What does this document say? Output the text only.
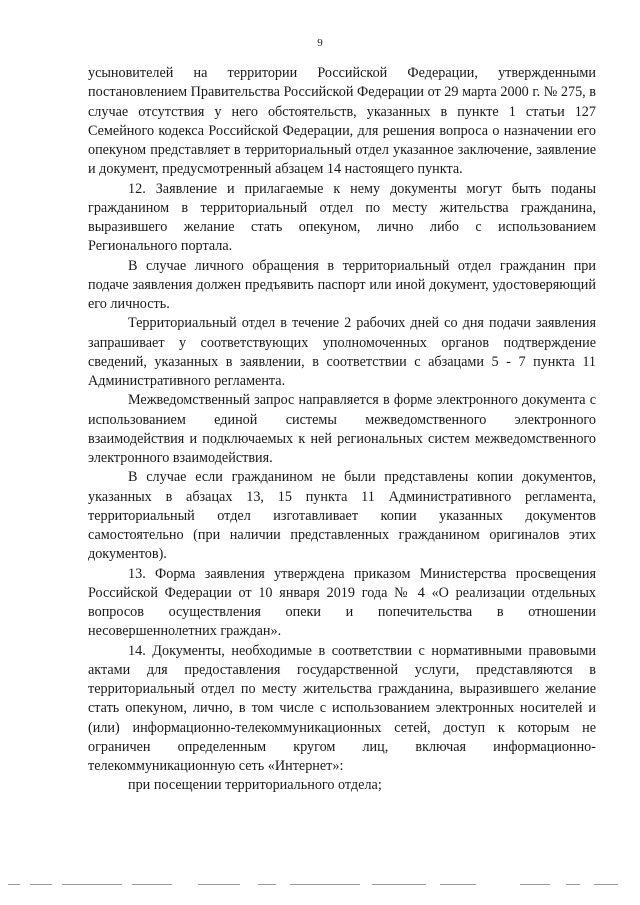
9

усыновителей на территории Российской Федерации, утвержденными постановлением Правительства Российской Федерации от 29 марта 2000 г. № 275, в случае отсутствия у него обстоятельств, указанных в пункте 1 статьи 127 Семейного кодекса Российской Федерации, для решения вопроса о назначении его опекуном представляет в территориальный отдел указанное заключение, заявление и документ, предусмотренный абзацем 14 настоящего пункта.

12. Заявление и прилагаемые к нему документы могут быть поданы гражданином в территориальный отдел по месту жительства гражданина, выразившего желание стать опекуном, лично либо с использованием Регионального портала.

В случае личного обращения в территориальный отдел гражданин при подаче заявления должен предъявить паспорт или иной документ, удостоверяющий его личность.

Территориальный отдел в течение 2 рабочих дней со дня подачи заявления запрашивает у соответствующих уполномоченных органов подтверждение сведений, указанных в заявлении, в соответствии с абзацами 5 - 7 пункта 11 Административного регламента.

Межведомственный запрос направляется в форме электронного документа с использованием единой системы межведомственного электронного взаимодействия и подключаемых к ней региональных систем межведомственного электронного взаимодействия.

В случае если гражданином не были представлены копии документов, указанных в абзацах 13, 15 пункта 11 Административного регламента, территориальный отдел изготавливает копии указанных документов самостоятельно (при наличии представленных гражданином оригиналов этих документов).

13. Форма заявления утверждена приказом Министерства просвещения Российской Федерации от 10 января 2019 года № 4 «О реализации отдельных вопросов осуществления опеки и попечительства в отношении несовершеннолетних граждан».

14. Документы, необходимые в соответствии с нормативными правовыми актами для предоставления государственной услуги, представляются в территориальный отдел по месту жительства гражданина, выразившего желание стать опекуном, лично, в том числе с использованием электронных носителей и (или) информационно-телекоммуникационных сетей, доступ к которым не ограничен определенным кругом лиц, включая информационно-телекоммуникационную сеть «Интернет»:

при посещении территориального отдела;
